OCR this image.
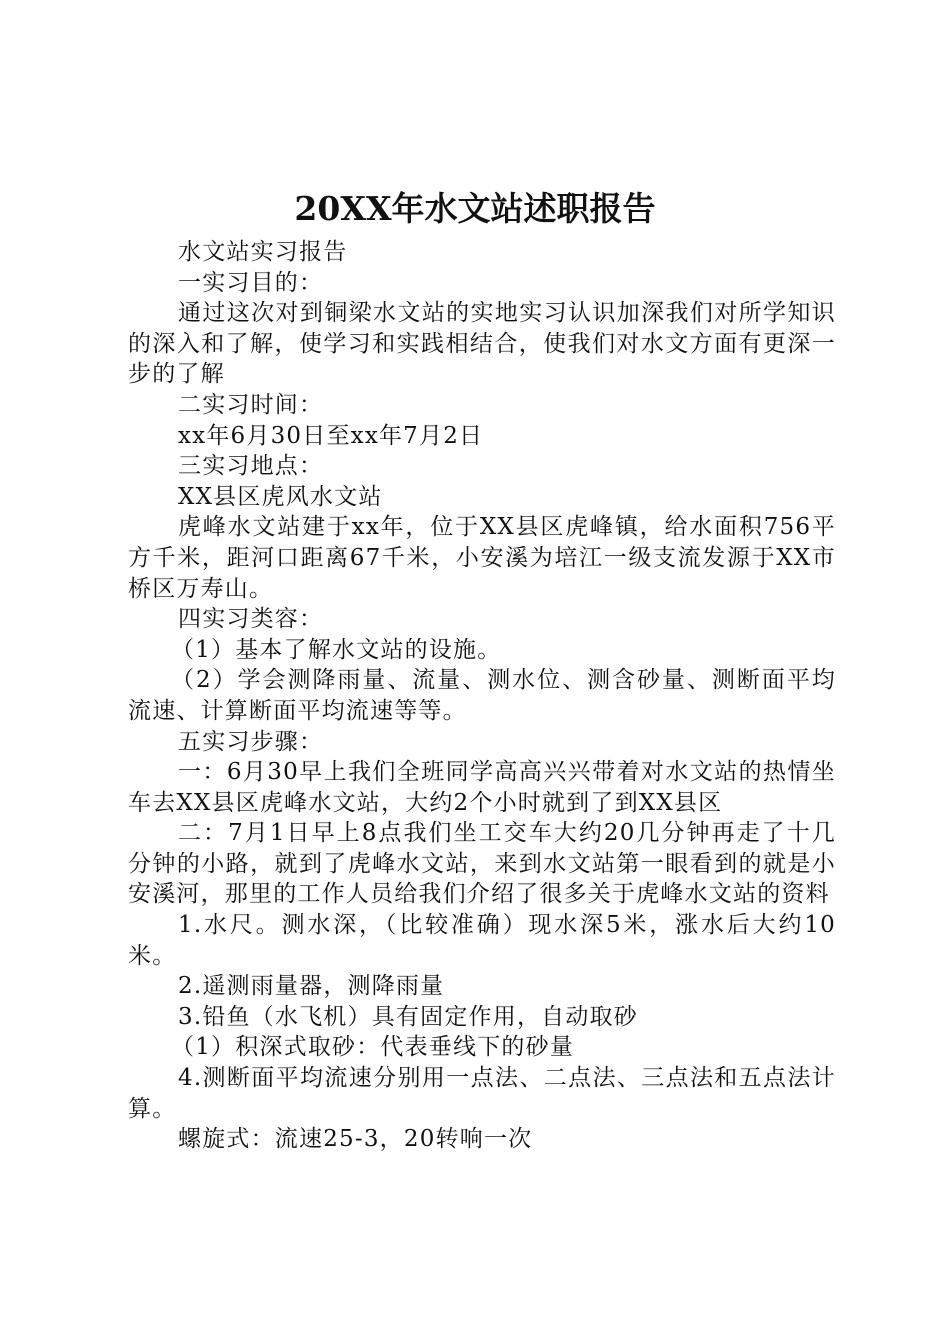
20XX年水文站述职报告

水文站实习报告

一实习目的：

通过这次对到铜梁水文站的实地实习认识加深我们对所学知识的深入和了解，使学习和实践相结合，使我们对水文方面有更深一步的了解

二实习时间：

xx年6月30日至xx年7月2日

三实习地点：

XX县区虎风水文站

虎峰水文站建于xx年，位于XX县区虎峰镇，给水面积756平方千米，距河口距离67千米，小安溪为培江一级支流发源于XX市桥区万寿山。

四实习类容：

（1）基本了解水文站的设施。

（2）学会测降雨量、流量、测水位、测含砂量、测断面平均流速、计算断面平均流速等等。

五实习步骤：

一：6月30早上我们全班同学高高兴兴带着对水文站的热情坐车去XX县区虎峰水文站，大约2个小时就到了到XX县区

二：7月1日早上8点我们坐工交车大约20几分钟再走了十几分钟的小路，就到了虎峰水文站，来到水文站第一眼看到的就是小安溪河，那里的工作人员给我们介绍了很多关于虎峰水文站的资料

1.水尺。测水深，（比较准确）现水深5米，涨水后大约10米。

2.遥测雨量器，测降雨量

3.铅鱼（水飞机）具有固定作用，自动取砂

（1）积深式取砂：代表垂线下的砂量

4.测断面平均流速分别用一点法、二点法、三点法和五点法计算。

螺旋式：流速25-3，20转响一次
